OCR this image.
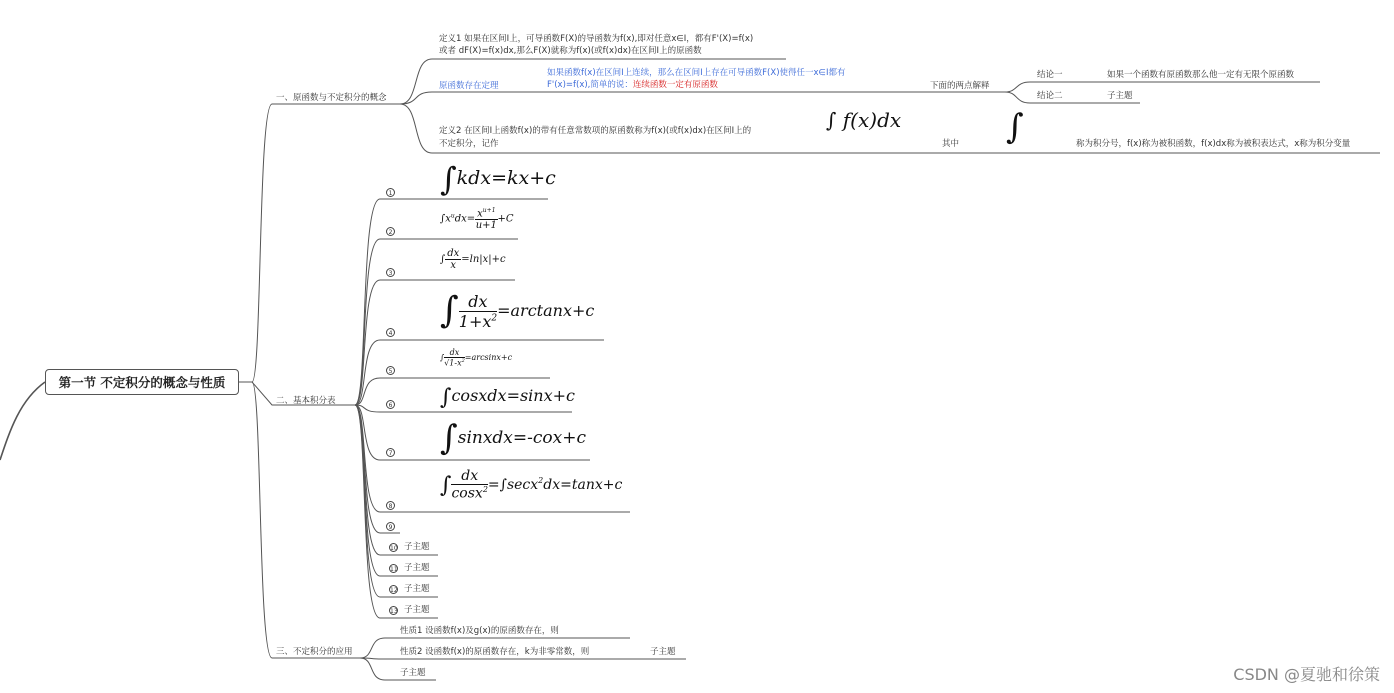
第一节 不定积分的概念与性质
一、原函数与不定积分的概念
定义1 如果在区间I上，可导函数F(X)的导函数为f(x),即对任意x∈I，都有F'(X)=f(x)
或者 dF(X)=f(x)dx,那么F(X)就称为f(x)(或f(x)dx)在区间I上的原函数
原函数存在定理
如果函数f(x)在区间I上连续，那么在区间I上存在可导函数F(X)使得任一x∈I都有
F'(x)=f(x),简单的说：连续函数一定有原函数	下面的两点解释
结论一	如果一个函数有原函数那么他一定有无限个原函数
结论二	子主题
定义2 在区间I上函数f(x)的带有任意常数项的原函数称为f(x)(或f(x)dx)在区间I上的
不定积分，记作
∫ f(x)dx
其中 ∫	称为积分号，f(x)称为被积函数，f(x)dx称为被积表达式，x称为积分变量
二、基本积分表
1 ∫kdx=kx+c
2
$\int x^udx= \frac{x^{u+1}}{u+1} +C$
3
∫ $\frac{dx}{x} =\ln|x|+c$
4
∫ $\frac{dx}{1+x^2} =\arctan x+c$
5
∫ $\frac{dx}{√1-x^2} =\arcsin x+c$
6 ∫cosxdx=sinx+c
7 ∫sinxdx=-cox+c
8
∫ $\frac{dx}{\cos x^2} =\int\sec x^2dx=\tan x+c$
9
10 子主题
11 子主题
12 子主题
13 子主题
三、不定积分的应用
性质1 设函数f(x)及g(x)的原函数存在，则
性质2 设函数f(x)的原函数存在，k为非零常数，则	子主题
子主题	CSDN @夏驰和徐策
